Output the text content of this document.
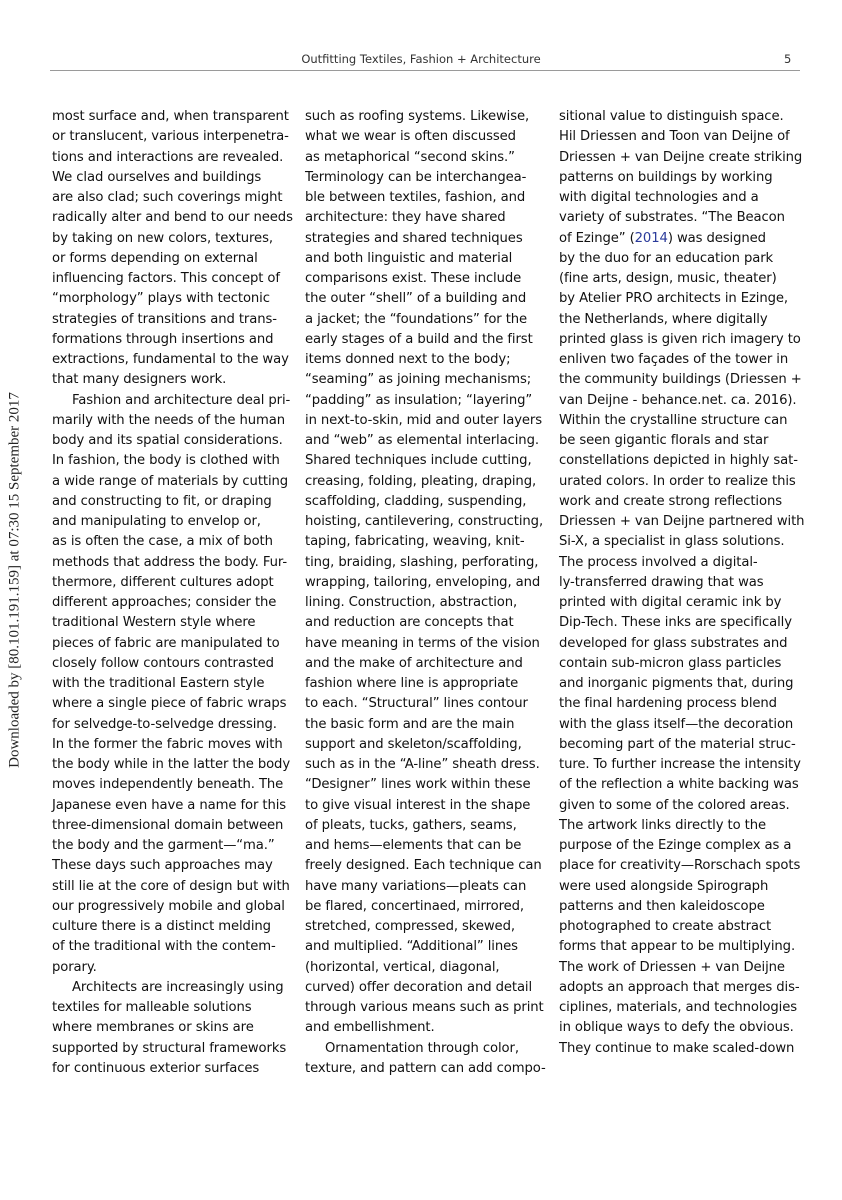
Outfitting Textiles, Fashion + Architecture	5
Downloaded by [80.101.191.159] at 07:30 15 September 2017
most surface and, when transparent
or translucent, various interpenetra-
tions and interactions are revealed.
We clad ourselves and buildings
are also clad; such coverings might
radically alter and bend to our needs
by taking on new colors, textures,
or forms depending on external
influencing factors. This concept of
“morphology” plays with tectonic
strategies of transitions and trans-
formations through insertions and
extractions, fundamental to the way
that many designers work.
Fashion and architecture deal pri-
marily with the needs of the human
body and its spatial considerations.
In fashion, the body is clothed with
a wide range of materials by cutting
and constructing to fit, or draping
and manipulating to envelop or,
as is often the case, a mix of both
methods that address the body. Fur-
thermore, different cultures adopt
different approaches; consider the
traditional Western style where
pieces of fabric are manipulated to
closely follow contours contrasted
with the traditional Eastern style
where a single piece of fabric wraps
for selvedge-to-selvedge dressing.
In the former the fabric moves with
the body while in the latter the body
moves independently beneath. The
Japanese even have a name for this
three-dimensional domain between
the body and the garment—“ma.”
These days such approaches may
still lie at the core of design but with
our progressively mobile and global
culture there is a distinct melding
of the traditional with the contem-
porary.
Architects are increasingly using
textiles for malleable solutions
where membranes or skins are
supported by structural frameworks
for continuous exterior surfaces
such as roofing systems. Likewise,
what we wear is often discussed
as metaphorical “second skins.”
Terminology can be interchangea-
ble between textiles, fashion, and
architecture: they have shared
strategies and shared techniques
and both linguistic and material
comparisons exist. These include
the outer “shell” of a building and
a jacket; the “foundations” for the
early stages of a build and the first
items donned next to the body;
“seaming” as joining mechanisms;
“padding” as insulation; “layering”
in next-to-skin, mid and outer layers
and “web” as elemental interlacing.
Shared techniques include cutting,
creasing, folding, pleating, draping,
scaffolding, cladding, suspending,
hoisting, cantilevering, constructing,
taping, fabricating, weaving, knit-
ting, braiding, slashing, perforating,
wrapping, tailoring, enveloping, and
lining. Construction, abstraction,
and reduction are concepts that
have meaning in terms of the vision
and the make of architecture and
fashion where line is appropriate
to each. “Structural” lines contour
the basic form and are the main
support and skeleton/scaffolding,
such as in the “A-line” sheath dress.
“Designer” lines work within these
to give visual interest in the shape
of pleats, tucks, gathers, seams,
and hems—elements that can be
freely designed. Each technique can
have many variations—pleats can
be flared, concertinaed, mirrored,
stretched, compressed, skewed,
and multiplied. “Additional” lines
(horizontal, vertical, diagonal,
curved) offer decoration and detail
through various means such as print
and embellishment.
Ornamentation through color,
texture, and pattern can add compo-
sitional value to distinguish space.
Hil Driessen and Toon van Deijne of
Driessen + van Deijne create striking
patterns on buildings by working
with digital technologies and a
variety of substrates. “The Beacon
of Ezinge” (2014) was designed
by the duo for an education park
(fine arts, design, music, theater)
by Atelier PRO architects in Ezinge,
the Netherlands, where digitally
printed glass is given rich imagery to
enliven two façades of the tower in
the community buildings (Driessen +
van Deijne - behance.net. ca. 2016).
Within the crystalline structure can
be seen gigantic florals and star
constellations depicted in highly sat-
urated colors. In order to realize this
work and create strong reflections
Driessen + van Deijne partnered with
Si-X, a specialist in glass solutions.
The process involved a digital-
ly-transferred drawing that was
printed with digital ceramic ink by
Dip-Tech. These inks are specifically
developed for glass substrates and
contain sub-micron glass particles
and inorganic pigments that, during
the final hardening process blend
with the glass itself—the decoration
becoming part of the material struc-
ture. To further increase the intensity
of the reflection a white backing was
given to some of the colored areas.
The artwork links directly to the
purpose of the Ezinge complex as a
place for creativity—Rorschach spots
were used alongside Spirograph
patterns and then kaleidoscope
photographed to create abstract
forms that appear to be multiplying.
The work of Driessen + van Deijne
adopts an approach that merges dis-
ciplines, materials, and technologies
in oblique ways to defy the obvious.
They continue to make scaled-down
